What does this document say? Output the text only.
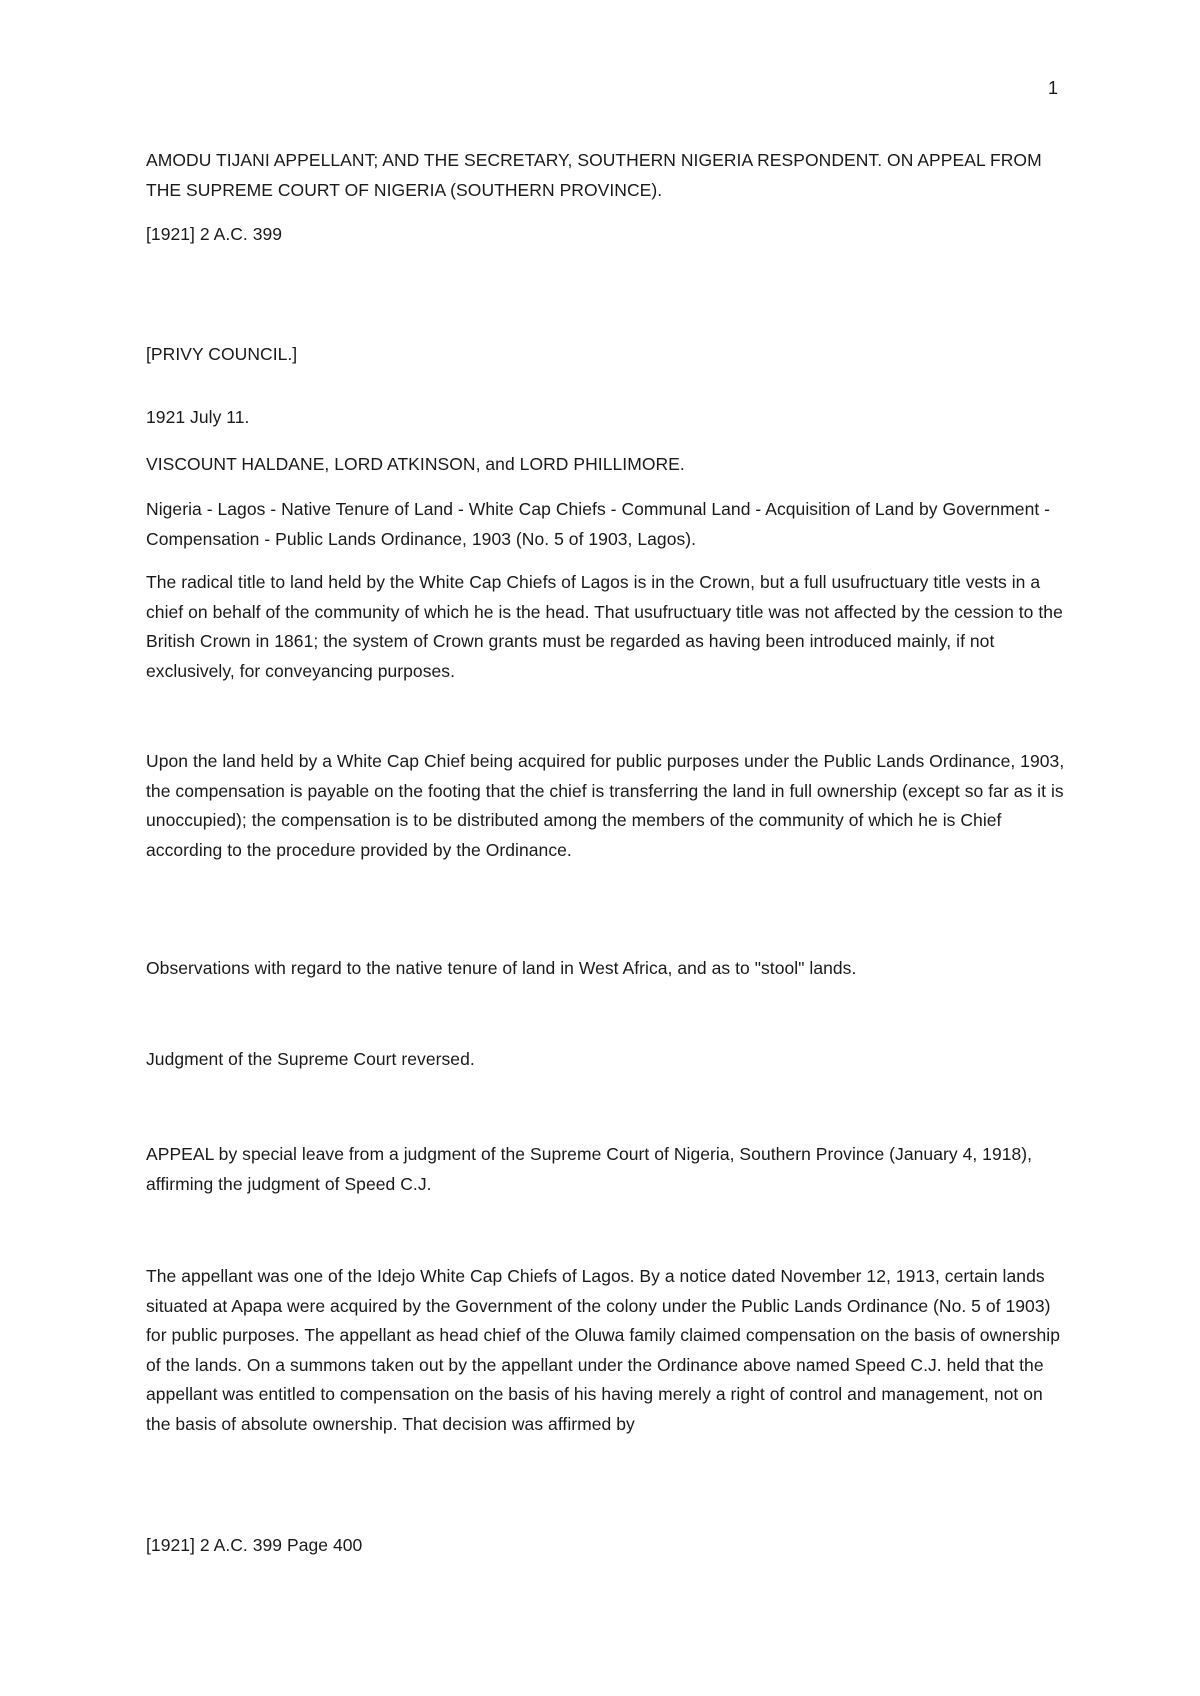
1

AMODU TIJANI APPELLANT; AND THE SECRETARY, SOUTHERN NIGERIA RESPONDENT. ON APPEAL FROM THE SUPREME COURT OF NIGERIA (SOUTHERN PROVINCE).

[1921] 2 A.C. 399

[PRIVY COUNCIL.]

1921 July 11.

VISCOUNT HALDANE, LORD ATKINSON, and LORD PHILLIMORE.

Nigeria - Lagos - Native Tenure of Land - White Cap Chiefs - Communal Land - Acquisition of Land by Government - Compensation - Public Lands Ordinance, 1903 (No. 5 of 1903, Lagos).

The radical title to land held by the White Cap Chiefs of Lagos is in the Crown, but a full usufructuary title vests in a chief on behalf of the community of which he is the head. That usufructuary title was not affected by the cession to the British Crown in 1861; the system of Crown grants must be regarded as having been introduced mainly, if not exclusively, for conveyancing purposes.

Upon the land held by a White Cap Chief being acquired for public purposes under the Public Lands Ordinance, 1903, the compensation is payable on the footing that the chief is transferring the land in full ownership (except so far as it is unoccupied); the compensation is to be distributed among the members of the community of which he is Chief according to the procedure provided by the Ordinance.

Observations with regard to the native tenure of land in West Africa, and as to "stool" lands.

Judgment of the Supreme Court reversed.

APPEAL by special leave from a judgment of the Supreme Court of Nigeria, Southern Province (January 4, 1918), affirming the judgment of Speed C.J.

The appellant was one of the Idejo White Cap Chiefs of Lagos. By a notice dated November 12, 1913, certain lands situated at Apapa were acquired by the Government of the colony under the Public Lands Ordinance (No. 5 of 1903) for public purposes. The appellant as head chief of the Oluwa family claimed compensation on the basis of ownership of the lands. On a summons taken out by the appellant under the Ordinance above named Speed C.J. held that the appellant was entitled to compensation on the basis of his having merely a right of control and management, not on the basis of absolute ownership. That decision was affirmed by

[1921] 2 A.C. 399 Page 400
